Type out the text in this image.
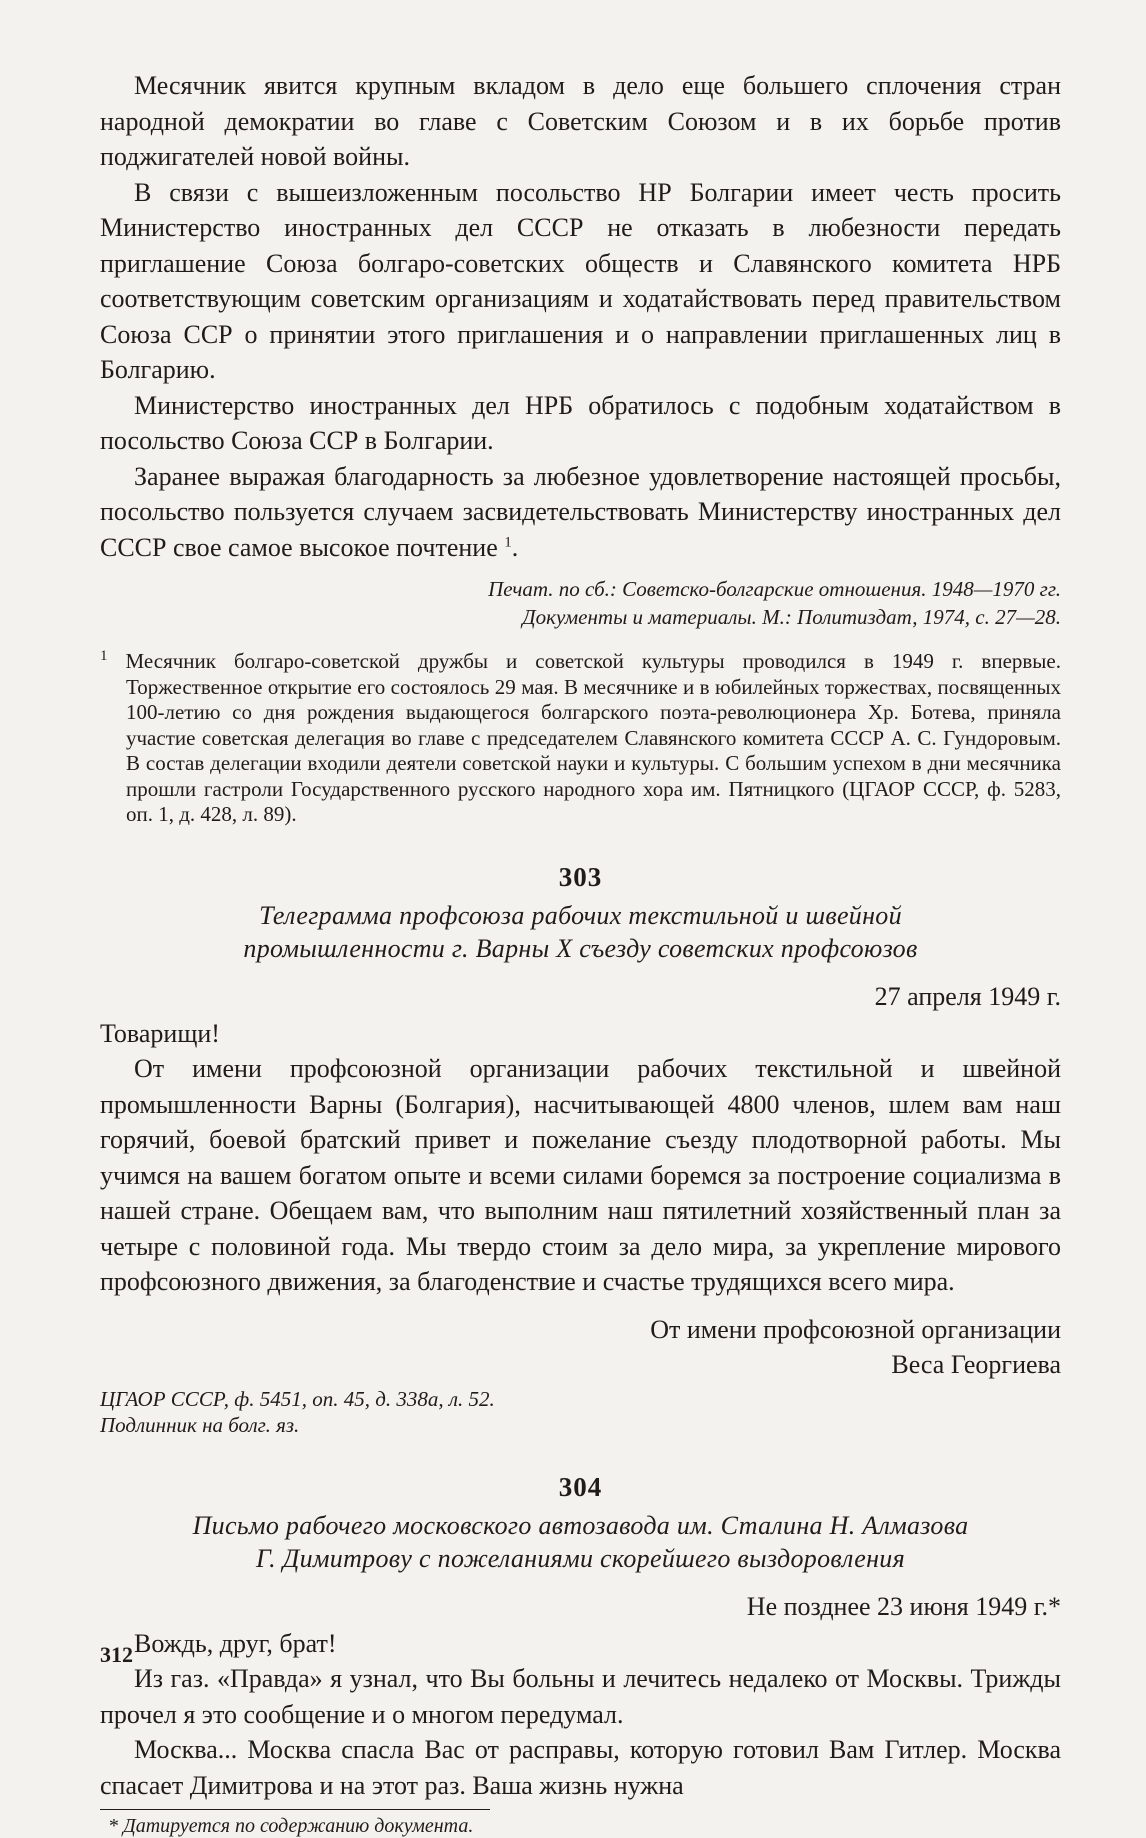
Месячник явится крупным вкладом в дело еще большего сплочения стран народной демократии во главе с Советским Союзом и в их борьбе против поджигателей новой войны.

В связи с вышеизложенным посольство НР Болгарии имеет честь просить Министерство иностранных дел СССР не отказать в любезности передать приглашение Союза болгаро-советских обществ и Славянского комитета НРБ соответствующим советским организациям и ходатайствовать перед правительством Союза ССР о принятии этого приглашения и о направлении приглашенных лиц в Болгарию.

Министерство иностранных дел НРБ обратилось с подобным ходатайством в посольство Союза ССР в Болгарии.

Заранее выражая благодарность за любезное удовлетворение настоящей просьбы, посольство пользуется случаем засвидетельствовать Министерству иностранных дел СССР свое самое высокое почтение $^1$.

Печат. по сб.: Советско-болгарские отношения. 1948—1970 гг.
Документы и материалы. М.: Политиздат, 1974, с. 27—28.

$^1$ Месячник болгаро-советской дружбы и советской культуры проводился в 1949 г. впервые. Торжественное открытие его состоялось 29 мая. В месячнике и в юбилейных торжествах, посвященных 100-летию со дня рождения выдающегося болгарского поэта-революционера Хр. Ботева, приняла участие советская делегация во главе с председателем Славянского комитета СССР А. С. Гундоровым. В состав делегации входили деятели советской науки и культуры. С большим успехом в дни месячника прошли гастроли Государственного русского народного хора им. Пятницкого (ЦГАОР СССР, ф. 5283, оп. 1, д. 428, л. 89).

303

Телеграмма профсоюза рабочих текстильной и швейной
промышленности г. Варны X съезду советских профсоюзов

27 апреля 1949 г.

Товарищи!

От имени профсоюзной организации рабочих текстильной и швейной промышленности Варны (Болгария), насчитывающей 4800 членов, шлем вам наш горячий, боевой братский привет и пожелание съезду плодотворной работы. Мы учимся на вашем богатом опыте и всеми силами боремся за построение социализма в нашей стране. Обещаем вам, что выполним наш пятилетний хозяйственный план за четыре с половиной года. Мы твердо стоим за дело мира, за укрепление мирового профсоюзного движения, за благоденствие и счастье трудящихся всего мира.

От имени профсоюзной организации
Веса Георгиева
ЦГАОР СССР, ф. 5451, оп. 45, д. 338а, л. 52.
Подлинник на болг. яз.
304

Письмо рабочего московского автозавода им. Сталина Н. Алмазова
Г. Димитрову с пожеланиями скорейшего выздоровления

Не позднее 23 июня 1949 г.*

Вождь, друг, брат!

Из газ. «Правда» я узнал, что Вы больны и лечитесь недалеко от Москвы. Трижды прочел я это сообщение и о многом передумал.

Москва... Москва спасла Вас от расправы, которую готовил Вам Гитлер. Москва спасает Димитрова и на этот раз. Ваша жизнь нужна

* Датируется по содержанию документа.

312
